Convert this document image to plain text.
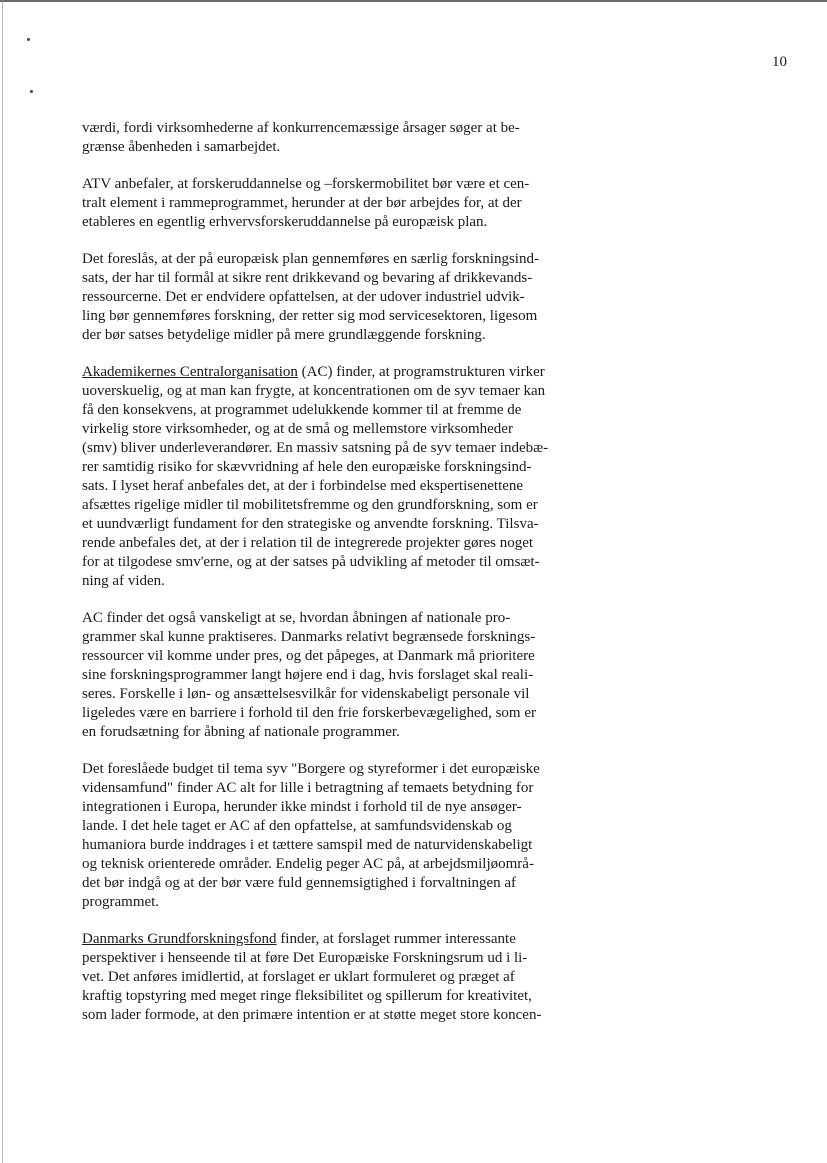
10

værdi, fordi virksomhederne af konkurrencemæssige årsager søger at be-
grænse åbenheden i samarbejdet.

ATV anbefaler, at forskeruddannelse og –forskermobilitet bør være et cen-
tralt element i rammeprogrammet, herunder at der bør arbejdes for, at der
etableres en egentlig erhvervsforskeruddannelse på europæisk plan.

Det foreslås, at der på europæisk plan gennemføres en særlig forskningsind-
sats, der har til formål at sikre rent drikkevand og bevaring af drikkevands-
ressourcerne. Det er endvidere opfattelsen, at der udover industriel udvik-
ling bør gennemføres forskning, der retter sig mod servicesektoren, ligesom
der bør satses betydelige midler på mere grundlæggende forskning.

Akademikernes Centralorganisation (AC) finder, at programstrukturen virker
uoverskuelig, og at man kan frygte, at koncentrationen om de syv temaer kan
få den konsekvens, at programmet udelukkende kommer til at fremme de
virkelig store virksomheder, og at de små og mellemstore virksomheder
(smv) bliver underleverandører. En massiv satsning på de syv temaer indebæ-
rer samtidig risiko for skævvridning af hele den europæiske forskningsind-
sats. I lyset heraf anbefales det, at der i forbindelse med ekspertisenettene
afsættes rigelige midler til mobilitetsfremme og den grundforskning, som er
et uundværligt fundament for den strategiske og anvendte forskning. Tilsva-
rende anbefales det, at der i relation til de integrerede projekter gøres noget
for at tilgodese smv'erne, og at der satses på udvikling af metoder til omsæt-
ning af viden.

AC finder det også vanskeligt at se, hvordan åbningen af nationale pro-
grammer skal kunne praktiseres. Danmarks relativt begrænsede forsknings-
ressourcer vil komme under pres, og det påpeges, at Danmark må prioritere
sine forskningsprogrammer langt højere end i dag, hvis forslaget skal reali-
seres. Forskelle i løn- og ansættelsesvilkår for videnskabeligt personale vil
ligeledes være en barriere i forhold til den frie forskerbevægelighed, som er
en forudsætning for åbning af nationale programmer.

Det foreslåede budget til tema syv "Borgere og styreformer i det europæiske
vidensamfund" finder AC alt for lille i betragtning af temaets betydning for
integrationen i Europa, herunder ikke mindst i forhold til de nye ansøger-
lande. I det hele taget er AC af den opfattelse, at samfundsvidenskab og
humaniora burde inddrages i et tættere samspil med de naturvidenskabeligt
og teknisk orienterede områder. Endelig peger AC på, at arbejdsmiljøområ-
det bør indgå og at der bør være fuld gennemsigtighed i forvaltningen af
programmet.

Danmarks Grundforskningsfond finder, at forslaget rummer interessante
perspektiver i henseende til at føre Det Europæiske Forskningsrum ud i li-
vet. Det anføres imidlertid, at forslaget er uklart formuleret og præget af
kraftig topstyring med meget ringe fleksibilitet og spillerum for kreativitet,
som lader formode, at den primære intention er at støtte meget store koncen-
